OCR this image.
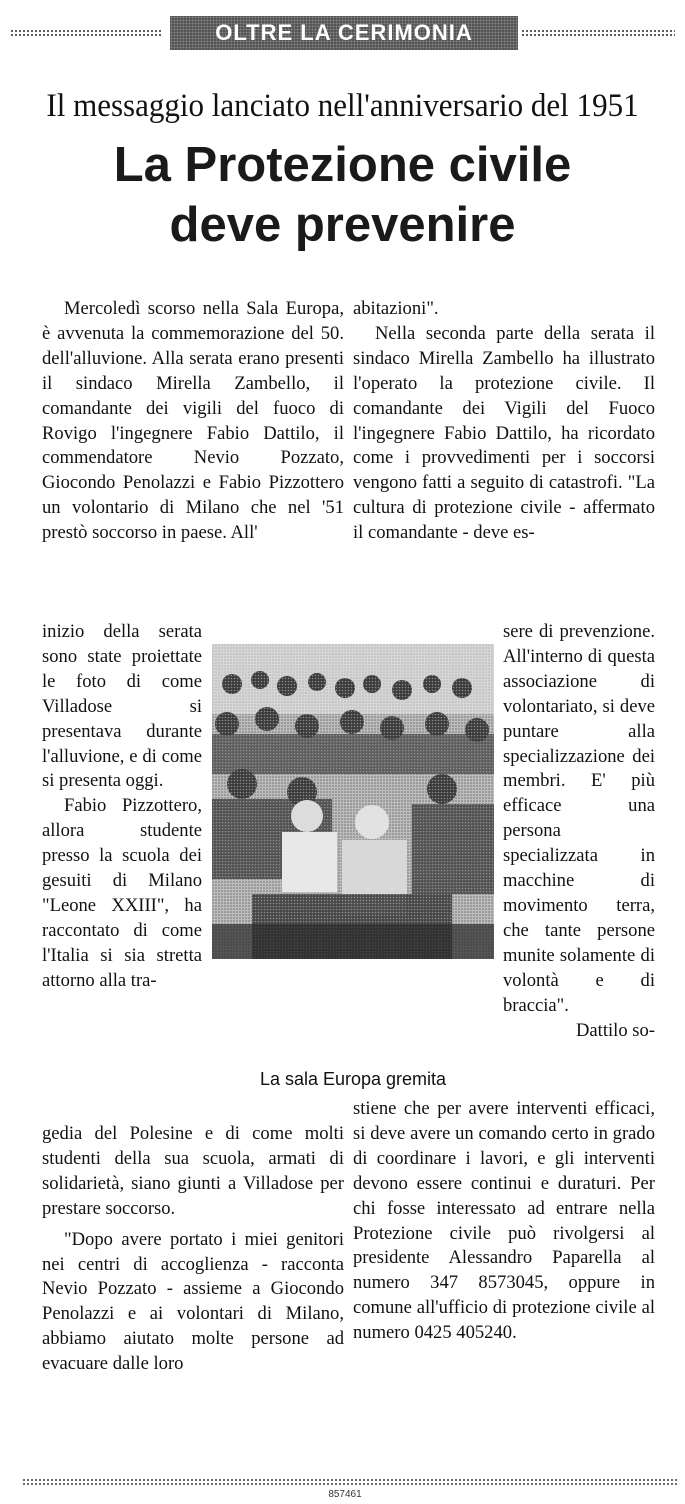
OLTRE LA CERIMONIA
Il messaggio lanciato nell'anniversario del 1951
La Protezione civile
deve prevenire

Mercoledì scorso nella Sala Europa, è avvenuta la commemorazione del 50. dell'alluvione. Alla serata erano presenti il sindaco Mirella Zambello, il comandante dei vigili del fuoco di Rovigo l'ingegnere Fabio Dattilo, il commendatore Nevio Pozzato, Giocondo Penolazzi e Fabio Pizzottero un volontario di Milano che nel '51 prestò soccorso in paese. All'

inizio della serata sono state proiettate le foto di come Villadose si presentava durante l'alluvione, e di come si presenta oggi.

Fabio Pizzottero, allora studente presso la scuola dei gesuiti di Milano "Leone XXIII", ha raccontato di come l'Italia si sia stretta attorno alla tra-

gedia del Polesine e di come molti studenti della sua scuola, armati di solidarietà, siano giunti a Villadose per prestare soccorso.

"Dopo avere portato i miei genitori nei centri di accoglienza - racconta Nevio Pozzato - assieme a Giocondo Penolazzi e ai volontari di Milano, abbiamo aiutato molte persone ad evacuare dalle loro

abitazioni".

Nella seconda parte della serata il sindaco Mirella Zambello ha illustrato l'operato la protezione civile. Il comandante dei Vigili del Fuoco l'ingegnere Fabio Dattilo, ha ricordato come i provvedimenti per i soccorsi vengono fatti a seguito di catastrofi. "La cultura di protezione civile - affermato il comandante - deve es-

sere di prevenzione. All'interno di questa associazione di volontariato, si deve puntare alla specializzazione dei membri. E' più efficace una persona specializzata in macchine di movimento terra, che tante persone munite solamente di volontà e di braccia".

Dattilo so-

stiene che per avere interventi efficaci, si deve avere un comando certo in grado di coordinare i lavori, e gli interventi devono essere continui e duraturi. Per chi fosse interessato ad entrare nella Protezione civile può rivolgersi al presidente Alessandro Paparella al numero 347 8573045, oppure in comune all'ufficio di protezione civile al numero 0425 405240.

La sala Europa gremita
857461
